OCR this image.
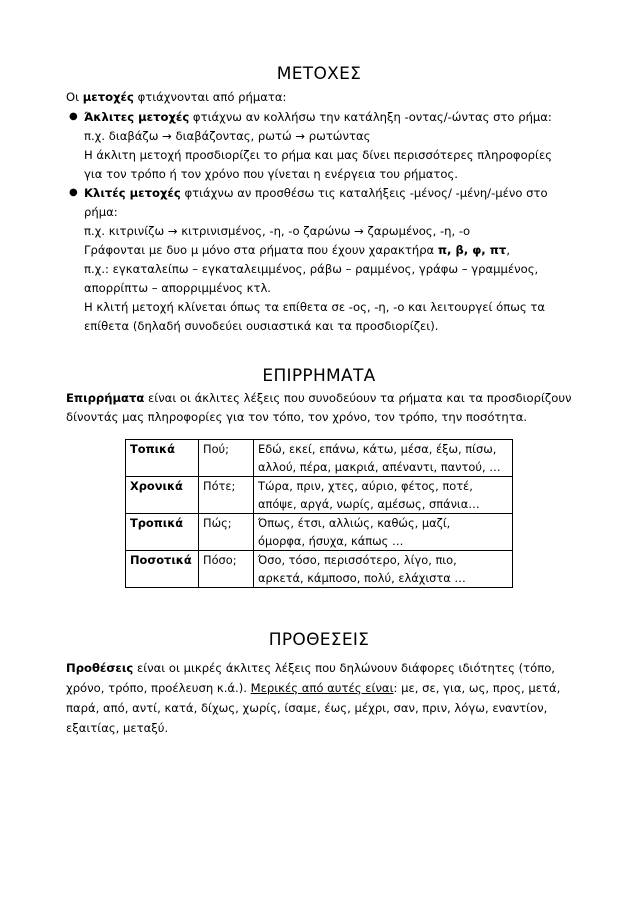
ΜΕΤΟΧΕΣ
Οι μετοχές φτιάχνονται από ρήματα:
● Άκλιτες μετοχές φτιάχνω αν κολλήσω την κατάληξη -οντας/-ώντας στο ρήμα:
π.χ. διαβάζω → διαβάζοντας, ρωτώ → ρωτώντας
Η άκλιτη μετοχή προσδιορίζει το ρήμα και μας δίνει περισσότερες πληροφορίες
για τον τρόπο ή τον χρόνο που γίνεται η ενέργεια του ρήματος.
● Κλιτές μετοχές φτιάχνω αν προσθέσω τις καταλήξεις -μένος/ -μένη/-μένο στο
ρήμα:
π.χ. κιτρινίζω → κιτρινισμένος, -η, -ο ζαρώνω → ζαρωμένος, -η, -ο
Γράφονται με δυο μ μόνο στα ρήματα που έχουν χαρακτήρα π, β, φ, πτ,
π.χ.: εγκαταλείπω – εγκαταλειμμένος, ράβω – ραμμένος, γράφω – γραμμένος,
απορρίπτω – απορριμμένος κτλ.
Η κλιτή μετοχή κλίνεται όπως τα επίθετα σε -ος, -η, -ο και λειτουργεί όπως τα
επίθετα (δηλαδή συνοδεύει ουσιαστικά και τα προσδιορίζει).
ΕΠΙΡΡΗΜΑΤΑ
Επιρρήματα είναι οι άκλιτες λέξεις που συνοδεύουν τα ρήματα και τα προσδιορίζουν
δίνοντάς μας πληροφορίες για τον τόπο, τον χρόνο, τον τρόπο, την ποσότητα.
Τοπικά	Πού;	Εδώ, εκεί, επάνω, κάτω, μέσα, έξω, πίσω,
αλλού, πέρα, μακριά, απέναντι, παντού, …
Χρονικά	Πότε;	Τώρα, πριν, χτες, αύριο, φέτος, ποτέ,
απόψε, αργά, νωρίς, αμέσως, σπάνια…
Τροπικά	Πώς;	Όπως, έτσι, αλλιώς, καθώς, μαζί,
όμορφα, ήσυχα, κάπως …
Ποσοτικά	Πόσο;	Όσο, τόσο, περισσότερο, λίγο, πιο,
αρκετά, κάμποσο, πολύ, ελάχιστα …
ΠΡΟΘΕΣΕΙΣ
Προθέσεις είναι οι μικρές άκλιτες λέξεις που δηλώνουν διάφορες ιδιότητες (τόπο,
χρόνο, τρόπο, προέλευση κ.ά.). Μερικές από αυτές είναι: με, σε, για, ως, προς, μετά,
παρά, από, αντί, κατά, δίχως, χωρίς, ίσαμε, έως, μέχρι, σαν, πριν, λόγω, εναντίον,
εξαιτίας, μεταξύ.
